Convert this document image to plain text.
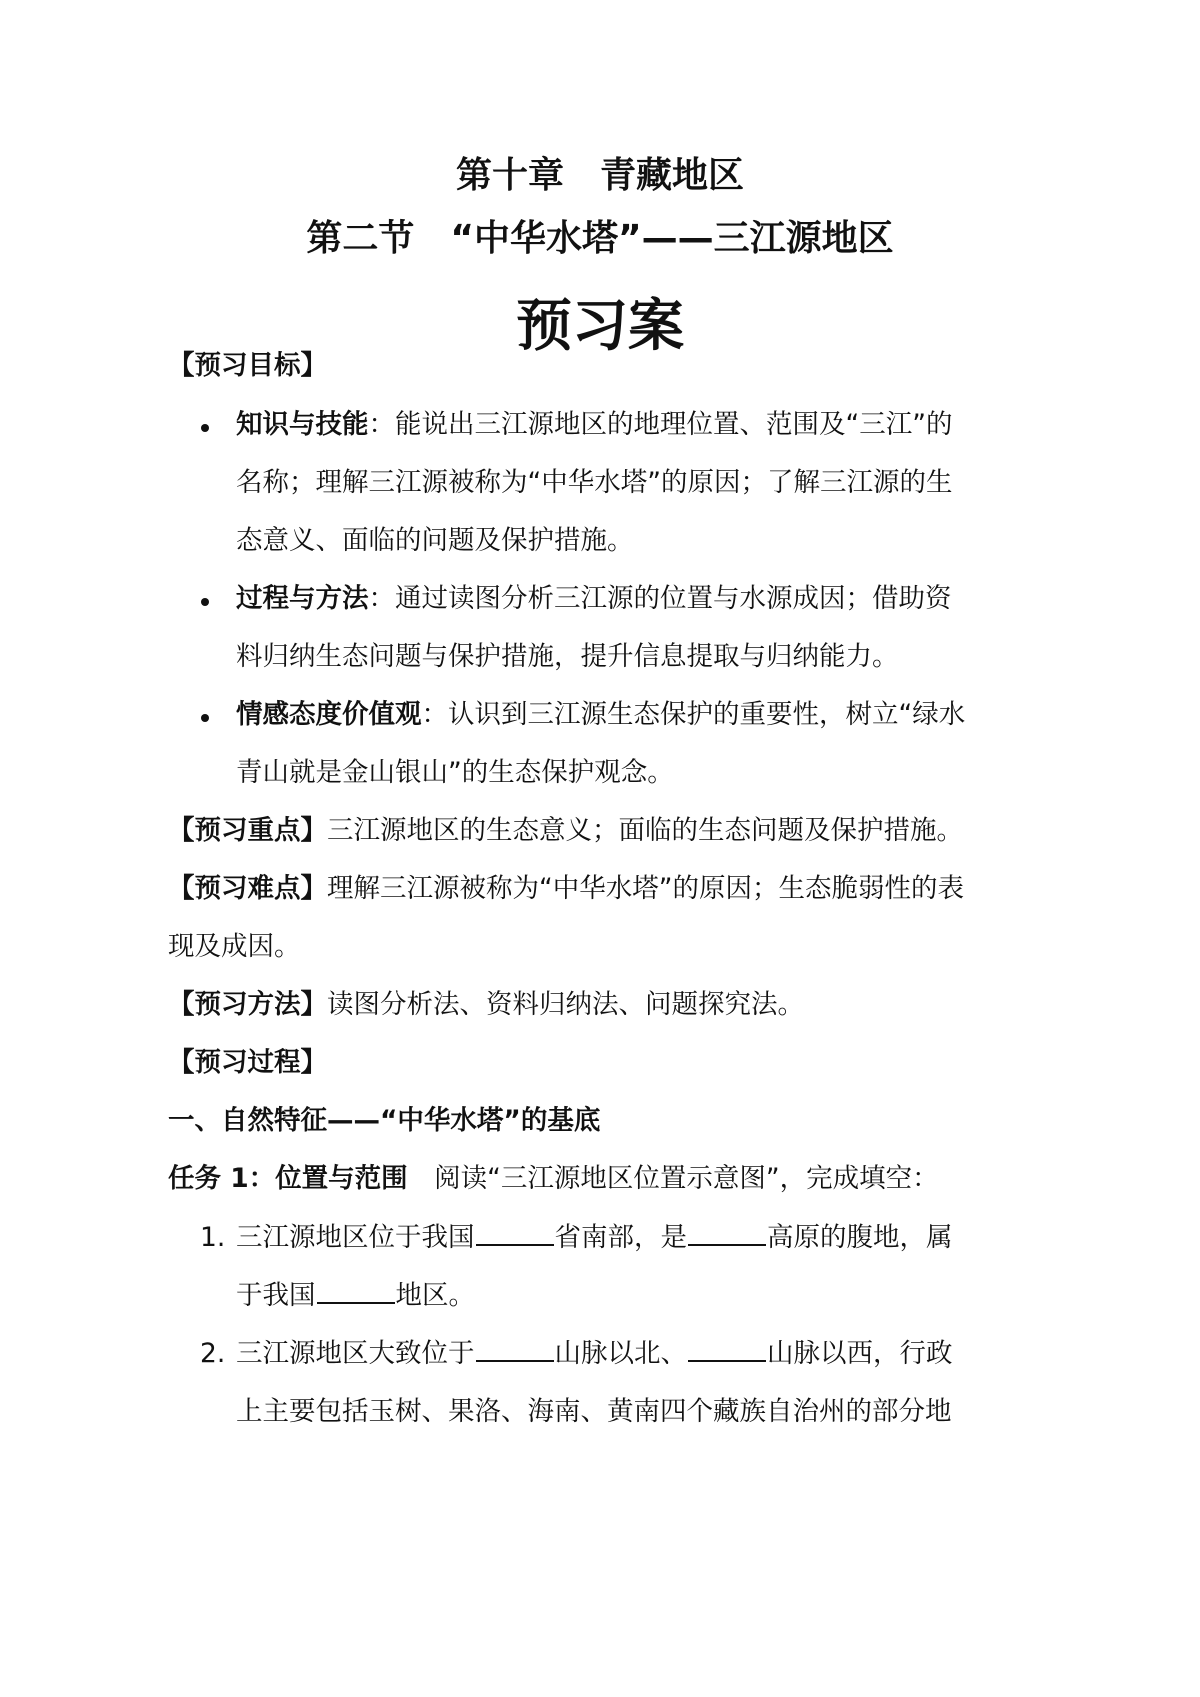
第十章　青藏地区
第二节　“中华水塔”——三江源地区
预习案
【预习目标】
知识与技能：能说出三江源地区的地理位置、范围及“三江”的
名称；理解三江源被称为“中华水塔”的原因；了解三江源的生
态意义、面临的问题及保护措施。
过程与方法：通过读图分析三江源的位置与水源成因；借助资
料归纳生态问题与保护措施，提升信息提取与归纳能力。
情感态度价值观：认识到三江源生态保护的重要性，树立“绿水
青山就是金山银山”的生态保护观念。
【预习重点】三江源地区的生态意义；面临的生态问题及保护措施。
【预习难点】理解三江源被称为“中华水塔”的原因；生态脆弱性的表
现及成因。
【预习方法】读图分析法、资料归纳法、问题探究法。
【预习过程】
一、自然特征——“中华水塔”的基底
任务 1：位置与范围　 阅读“三江源地区位置示意图”，完成填空：
1. 三江源地区位于我国	省南部，是	高原的腹地，属
于我国	地区。
2. 三江源地区大致位于	山脉以北、	山脉以西，行政
上主要包括玉树、果洛、海南、黄南四个藏族自治州的部分地
